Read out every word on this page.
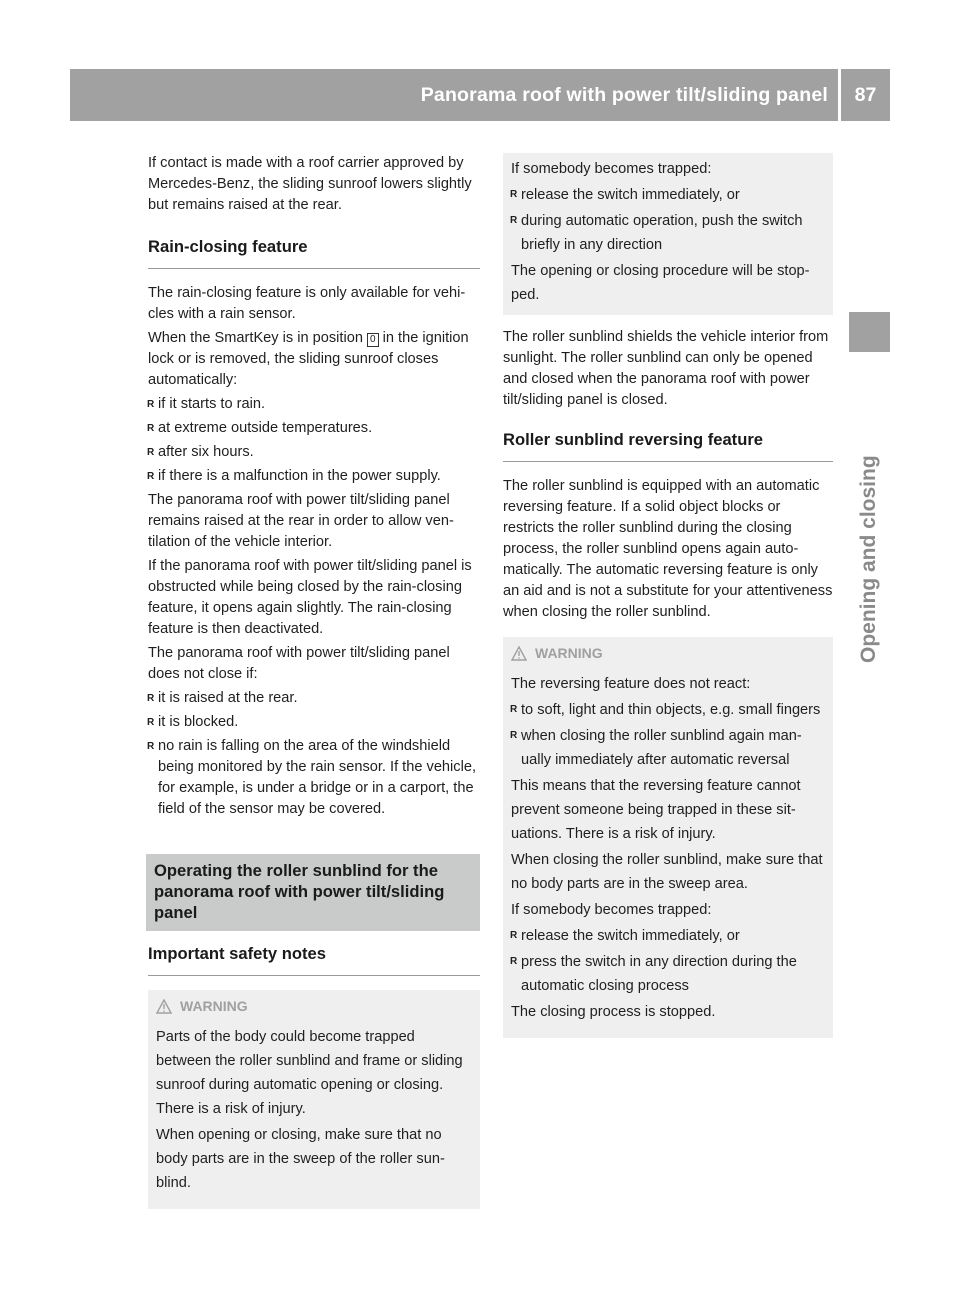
Panorama roof with power tilt/sliding panel	87
Opening and closing

If contact is made with a roof carrier approved by Mercedes-Benz, the sliding sunroof lowers slightly but remains raised at the rear.

Rain-closing feature

The rain-closing feature is only available for vehicles with a rain sensor.

When the SmartKey is in position 0 in the ignition lock or is removed, the sliding sunroof closes automatically:

R if it starts to rain.
R at extreme outside temperatures.
R after six hours.
R if there is a malfunction in the power supply.

The panorama roof with power tilt/sliding panel remains raised at the rear in order to allow ventilation of the vehicle interior.

If the panorama roof with power tilt/sliding panel is obstructed while being closed by the rain-closing feature, it opens again slightly. The rain-closing feature is then deactivated.

The panorama roof with power tilt/sliding panel does not close if:

R it is raised at the rear.
R it is blocked.
R no rain is falling on the area of the windshield being monitored by the rain sensor. If the vehicle, for example, is under a bridge or in a carport, the field of the sensor may be covered.
Operating the roller sunblind for the panorama roof with power tilt/sliding panel
Important safety notes
WARNING

Parts of the body could become trapped between the roller sunblind and frame or sliding sunroof during automatic opening or closing. There is a risk of injury.

When opening or closing, make sure that no body parts are in the sweep of the roller sunblind.

If somebody becomes trapped:

R release the switch immediately, or
R during automatic operation, push the switch briefly in any direction

The opening or closing procedure will be stopped.

The roller sunblind shields the vehicle interior from sunlight. The roller sunblind can only be opened and closed when the panorama roof with power tilt/sliding panel is closed.

Roller sunblind reversing feature

The roller sunblind is equipped with an automatic reversing feature. If a solid object blocks or restricts the roller sunblind during the closing process, the roller sunblind opens again automatically. The automatic reversing feature is only an aid and is not a substitute for your attentiveness when closing the roller sunblind.

WARNING

The reversing feature does not react:

R to soft, light and thin objects, e.g. small fingers
R when closing the roller sunblind again manually immediately after automatic reversal

This means that the reversing feature cannot prevent someone being trapped in these situations. There is a risk of injury.

When closing the roller sunblind, make sure that no body parts are in the sweep area.

If somebody becomes trapped:

R release the switch immediately, or
R press the switch in any direction during the automatic closing process

The closing process is stopped.
